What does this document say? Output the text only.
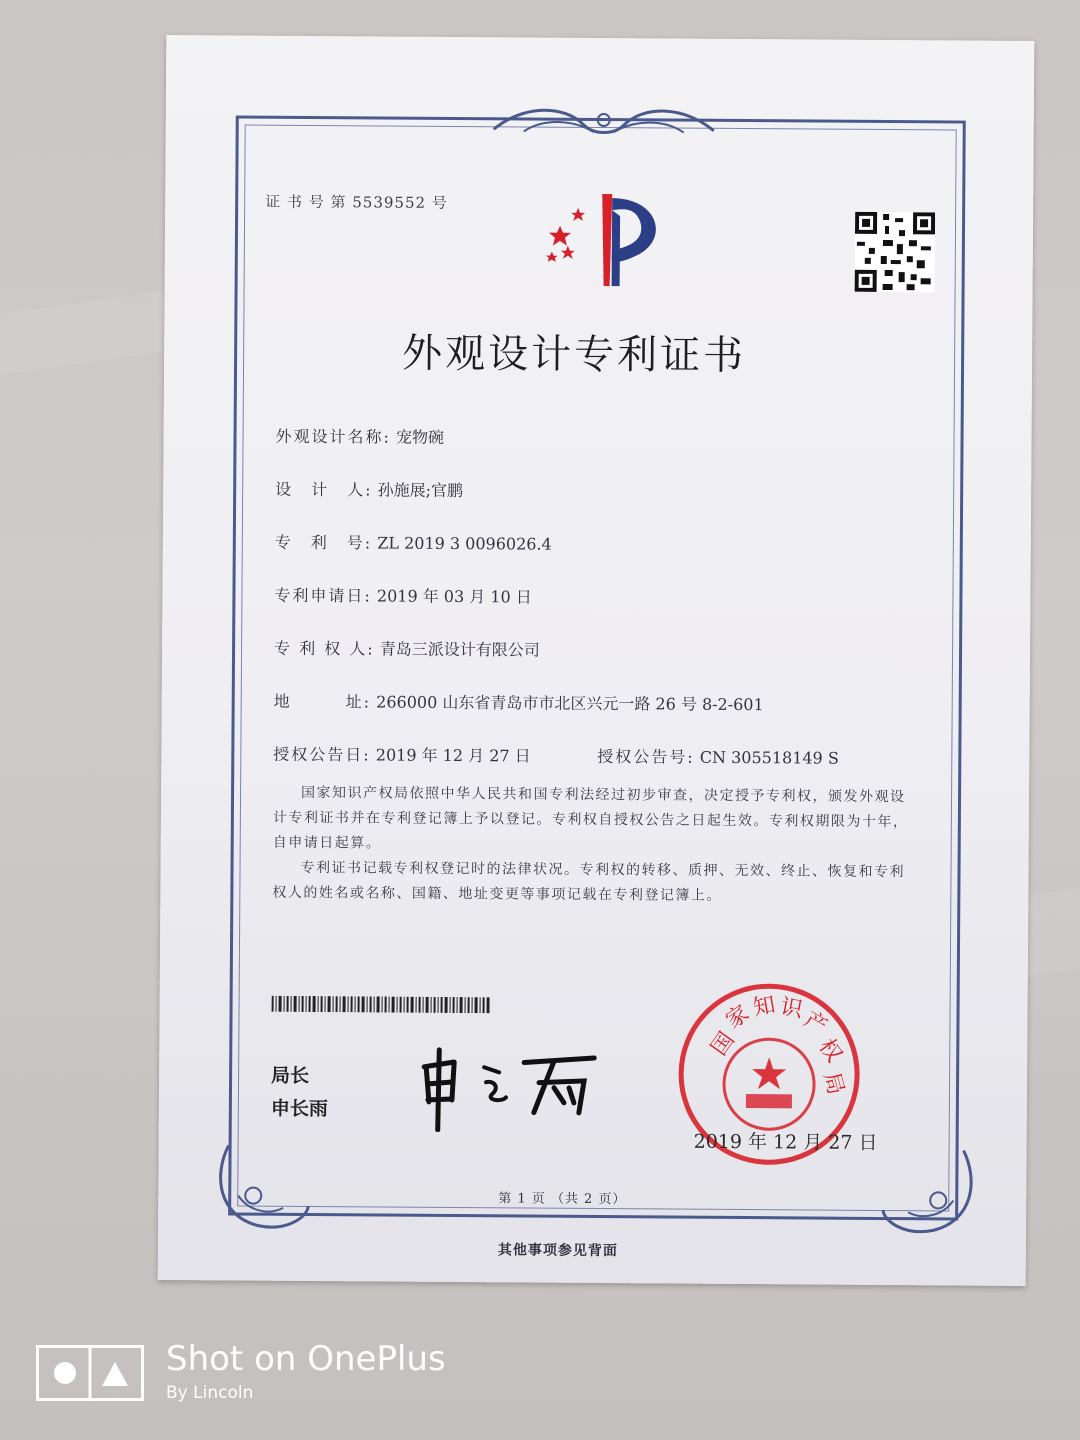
证 书 号 第 5539552 号
外观设计专利证书
外观设计名称: 宠物碗
设　计　人: 孙施展;官鹏
专　利　号: ZL 2019 3 0096026.4
专利申请日: 2019 年 03 月 10 日
专 利 权 人: 青岛三派设计有限公司
地　　　址: 266000 山东省青岛市市北区兴元一路 26 号 8-2-601
授权公告日: 2019 年 12 月 27 日	授权公告号: CN 305518149 S
国家知识产权局依照中华人民共和国专利法经过初步审查，决定授予专利权，颁发外观设计专利证书并在专利登记簿上予以登记。专利权自授权公告之日起生效。专利权期限为十年，自申请日起算。
专利证书记载专利权登记时的法律状况。专利权的转移、质押、无效、终止、恢复和专利权人的姓名或名称、国籍、地址变更等事项记载在专利登记簿上。
局长
申长雨
国
家
知 识
产
权
局
2019 年 12 月 27 日
第 1 页 （共 2 页）
其他事项参见背面
Shot on OnePlus
By Lincoln
